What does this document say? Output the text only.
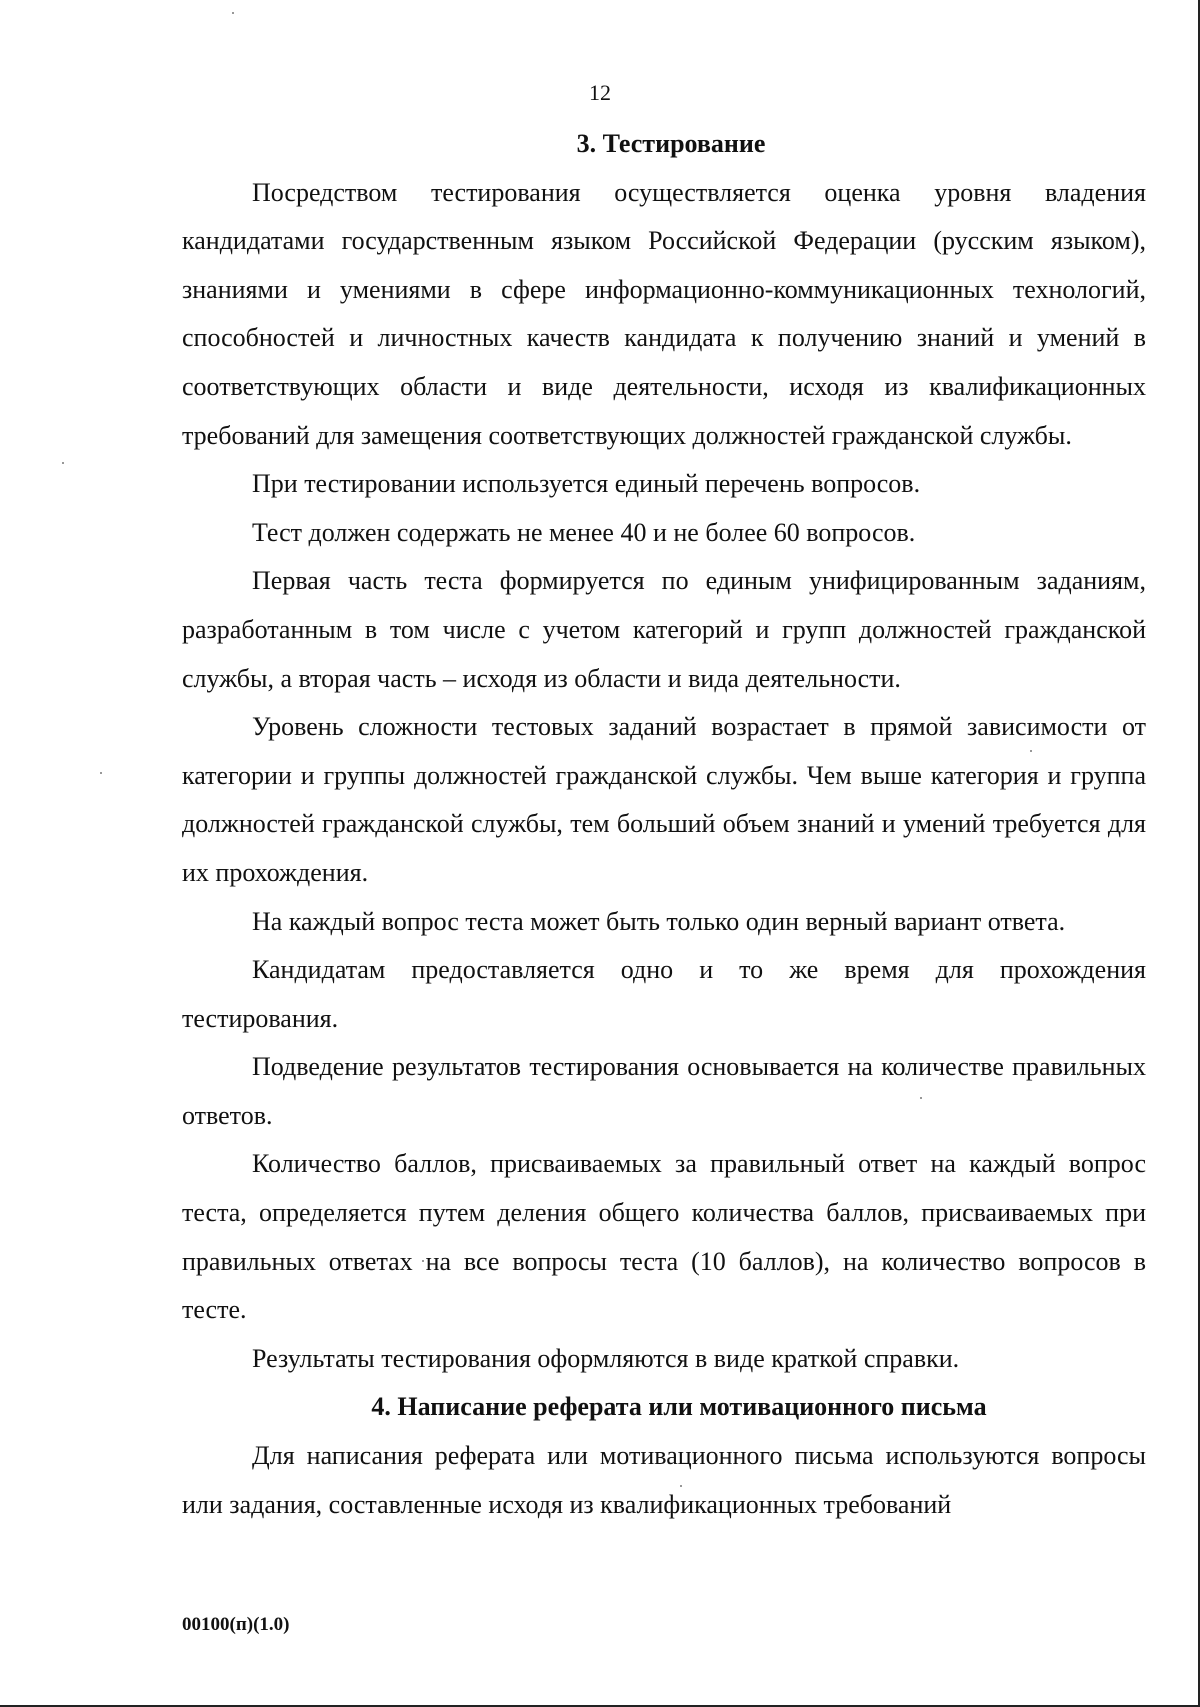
12

3. Тестирование

Посредством тестирования осуществляется оценка уровня владения кандидатами государственным языком Российской Федерации (русским языком), знаниями и умениями в сфере информационно-коммуникационных технологий, способностей и личностных качеств кандидата к получению знаний и умений в соответствующих области и виде деятельности, исходя из квалификационных требований для замещения соответствующих должностей гражданской службы.

При тестировании используется единый перечень вопросов.

Тест должен содержать не менее 40 и не более 60 вопросов.

Первая часть теста формируется по единым унифицированным заданиям, разработанным в том числе с учетом категорий и групп должностей гражданской службы, а вторая часть – исходя из области и вида деятельности.

Уровень сложности тестовых заданий возрастает в прямой зависимости от категории и группы должностей гражданской службы. Чем выше категория и группа должностей гражданской службы, тем больший объем знаний и умений требуется для их прохождения.

На каждый вопрос теста может быть только один верный вариант ответа.

Кандидатам предоставляется одно и то же время для прохождения тестирования.

Подведение результатов тестирования основывается на количестве правильных ответов.

Количество баллов, присваиваемых за правильный ответ на каждый вопрос теста, определяется путем деления общего количества баллов, присваиваемых при правильных ответах на все вопросы теста (10 баллов), на количество вопросов в тесте.

Результаты тестирования оформляются в виде краткой справки.

4. Написание реферата или мотивационного письма

Для написания реферата или мотивационного письма используются вопросы или задания, составленные исходя из квалификационных требований

00100(п)(1.0)
